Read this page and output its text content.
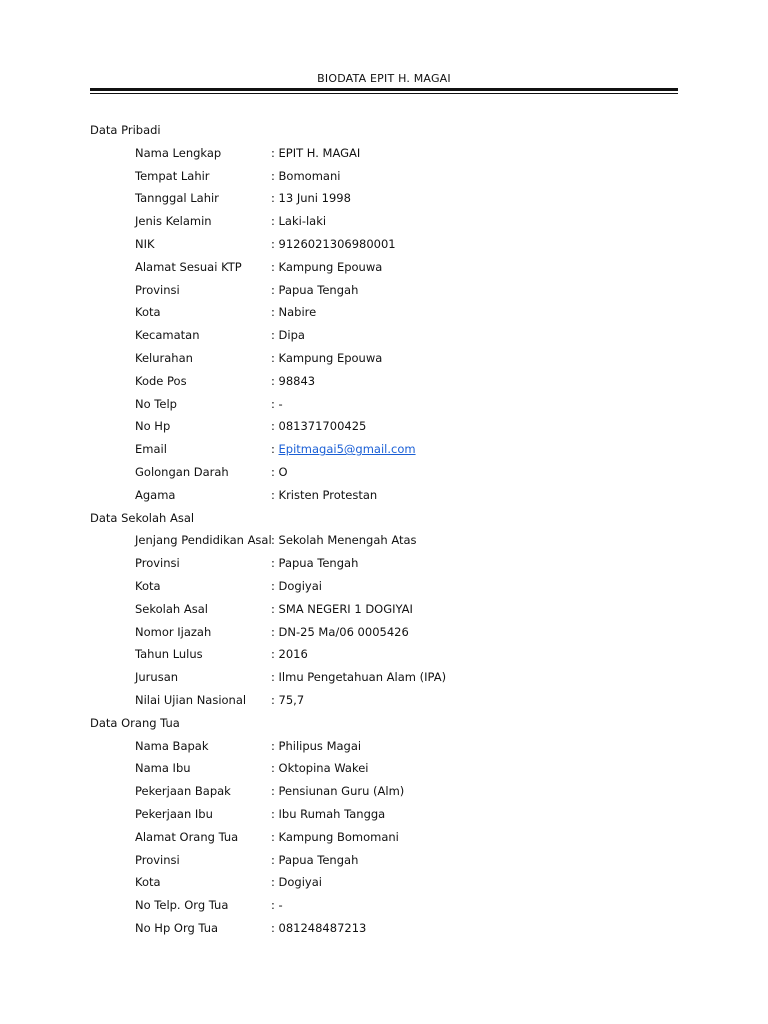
BIODATA EPIT H. MAGAI
Data Pribadi
Nama Lengkap	: EPIT H. MAGAI
Tempat Lahir	: Bomomani
Tannggal Lahir	: 13 Juni 1998
Jenis Kelamin	: Laki-laki
NIK	: 9126021306980001
Alamat Sesuai KTP	: Kampung Epouwa
Provinsi	: Papua Tengah
Kota	: Nabire
Kecamatan	: Dipa
Kelurahan	: Kampung Epouwa
Kode Pos	: 98843
No Telp	: -
No Hp	: 081371700425
Email	: Epitmagai5@gmail.com
Golongan Darah	: O
Agama	: Kristen Protestan
Data Sekolah Asal
Jenjang Pendidikan Asal : Sekolah Menengah Atas
Provinsi	: Papua Tengah
Kota	: Dogiyai
Sekolah Asal	: SMA NEGERI 1 DOGIYAI
Nomor Ijazah	: DN-25 Ma/06 0005426
Tahun Lulus	: 2016
Jurusan	: Ilmu Pengetahuan Alam (IPA)
Nilai Ujian Nasional : 75,7
Data Orang Tua
Nama Bapak	: Philipus Magai
Nama Ibu	: Oktopina Wakei
Pekerjaan Bapak	: Pensiunan Guru (Alm)
Pekerjaan Ibu	: Ibu Rumah Tangga
Alamat Orang Tua	: Kampung Bomomani
Provinsi	: Papua Tengah
Kota	: Dogiyai
No Telp. Org Tua	: -
No Hp Org Tua	: 081248487213
